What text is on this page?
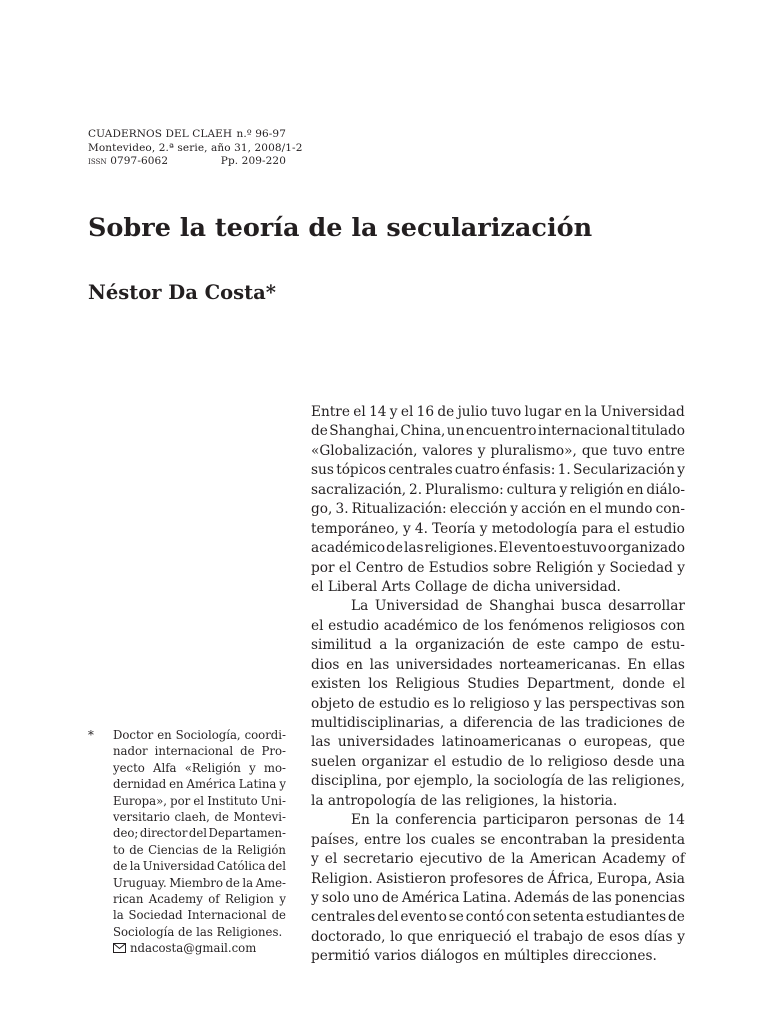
CUADERNOS DEL CLAEH n.º 96-97
Montevideo, 2.ª serie, año 31, 2008/1-2
issn 0797-6062	Pp. 209-220
Sobre la teoría de la secularización
Néstor Da Costa*
Entre el 14 y el 16 de julio tuvo lugar en la Universidad
de Shanghai, China, un encuentro internacional titulado
«Globalización, valores y pluralismo», que tuvo entre
sus tópicos centrales cuatro énfasis: 1. Secularización y
sacralización, 2. Pluralismo: cultura y religión en diálo-
go, 3. Ritualización: elección y acción en el mundo con-
temporáneo, y 4. Teoría y metodología para el estudio
académico de las religiones. El evento estuvo organizado
por el Centro de Estudios sobre Religión y Sociedad y
el Liberal Arts Collage de dicha universidad.
La Universidad de Shanghai busca desarrollar
el estudio académico de los fenómenos religiosos con
similitud a la organización de este campo de estu-
dios en las universidades norteamericanas. En ellas
existen los Religious Studies Department, donde el
objeto de estudio es lo religioso y las perspectivas son
multidisciplinarias, a diferencia de las tradiciones de
las universidades latinoamericanas o europeas, que
suelen organizar el estudio de lo religioso desde una
disciplina, por ejemplo, la sociología de las religiones,
la antropología de las religiones, la historia.
En la conferencia participaron personas de 14
países, entre los cuales se encontraban la presidenta
y el secretario ejecutivo de la American Academy of
Religion. Asistieron profesores de África, Europa, Asia
y solo uno de América Latina. Además de las ponencias
centrales del evento se contó con setenta estudiantes de
doctorado, lo que enriqueció el trabajo de esos días y
permitió varios diálogos en múltiples direcciones.
* Doctor en Sociología, coordi-
nador internacional de Pro-
yecto Alfa «Religión y mo-
dernidad en América Latina y
Europa», por el Instituto Uni-
versitario claeh, de Montevi-
deo; director del Departamen-
to de Ciencias de la Religión
de la Universidad Católica del
Uruguay. Miembro de la Ame-
rican Academy of Religion y
la Sociedad Internacional de
Sociología de las Religiones.
ndacosta@gmail.com
